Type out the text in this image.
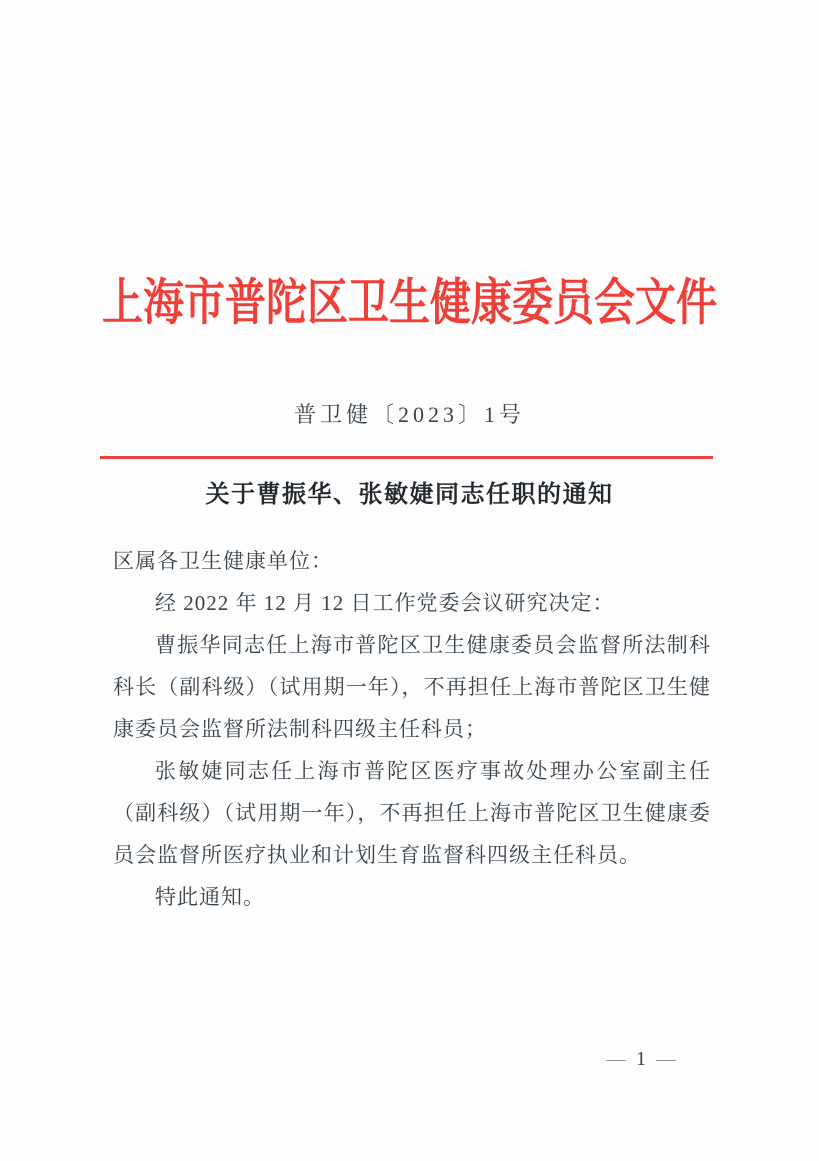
上海市普陀区卫生健康委员会文件
普卫健〔2023〕1号
关于曹振华、张敏婕同志任职的通知

区属各卫生健康单位：

经 2022 年 12 月 12 日工作党委会议研究决定：

曹振华同志任上海市普陀区卫生健康委员会监督所法制科科长（副科级）（试用期一年），不再担任上海市普陀区卫生健康委员会监督所法制科四级主任科员；

张敏婕同志任上海市普陀区医疗事故处理办公室副主任（副科级）（试用期一年），不再担任上海市普陀区卫生健康委员会监督所医疗执业和计划生育监督科四级主任科员。

特此通知。

— 1 —
